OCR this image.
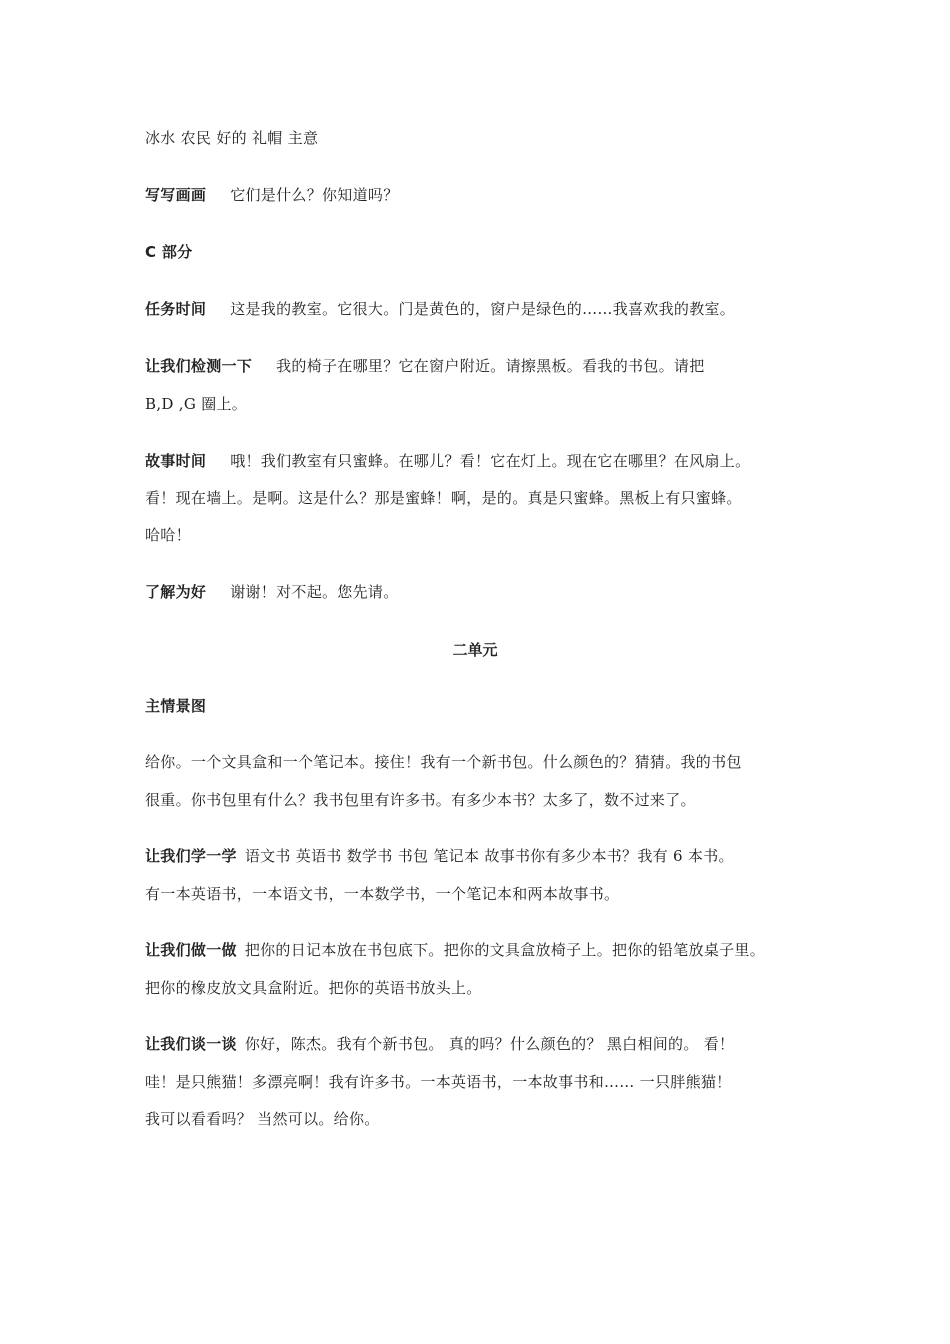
冰水 农民 好的 礼帽 主意
写写画画 它们是什么？你知道吗？
C 部分
任务时间 这是我的教室。它很大。门是黄色的，窗户是绿色的……我喜欢我的教室。
让我们检测一下 我的椅子在哪里？它在窗户附近。请擦黑板。看我的书包。请把
B,D ,G 圈上。
故事时间 哦！我们教室有只蜜蜂。在哪儿？看！它在灯上。现在它在哪里？在风扇上。
看！现在墙上。是啊。这是什么？那是蜜蜂！啊，是的。真是只蜜蜂。黑板上有只蜜蜂。
哈哈！
了解为好 谢谢！对不起。您先请。
二单元
主情景图
给你。一个文具盒和一个笔记本。接住！我有一个新书包。什么颜色的？猜猜。我的书包
很重。你书包里有什么？我书包里有许多书。有多少本书？太多了，数不过来了。
让我们学一学 语文书 英语书 数学书 书包 笔记本 故事书你有多少本书？我有 6 本书。
有一本英语书，一本语文书，一本数学书，一个笔记本和两本故事书。
让我们做一做 把你的日记本放在书包底下。把你的文具盒放椅子上。把你的铅笔放桌子里。
把你的橡皮放文具盒附近。把你的英语书放头上。
让我们谈一谈 你好，陈杰。我有个新书包。 真的吗？什么颜色的？ 黑白相间的。 看！
哇！是只熊猫！多漂亮啊！我有许多书。一本英语书，一本故事书和…… 一只胖熊猫！
我可以看看吗？ 当然可以。给你。
